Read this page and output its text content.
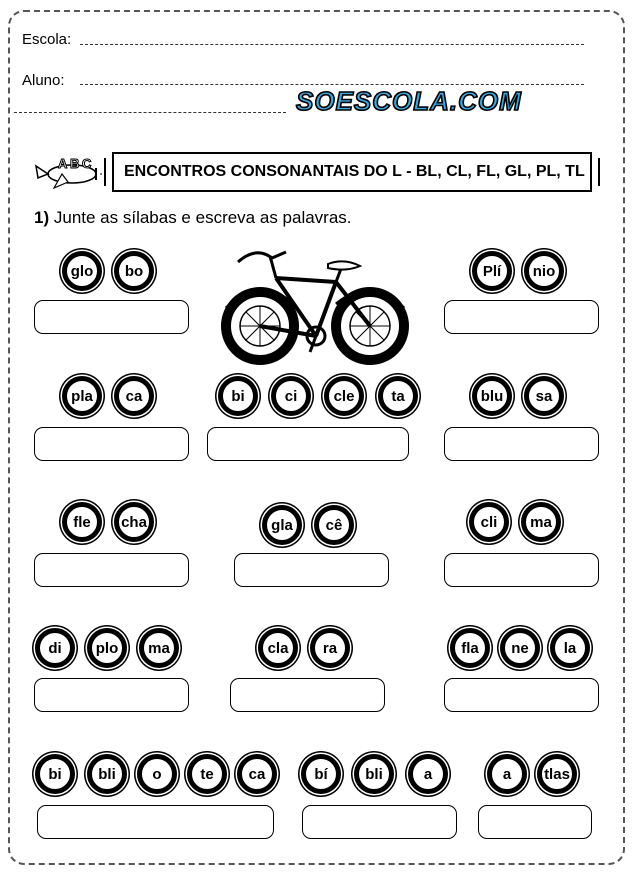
Escola:
Aluno:
SOESCOLA.COM
A B C ENCONTROS CONSONANTAIS DO L - BL, CL, FL, GL, PL, TL
1) Junte as sílabas e escreva as palavras.
glo	bo	Plí	nio
pla	ca	bi	ci	cle	ta	blu	sa
fle	cha	gla	cê	cli	ma
di	plo	ma	cla	ra	fla	ne	la
bi	bli	o	te	ca	bí	bli	a	a	tlas
